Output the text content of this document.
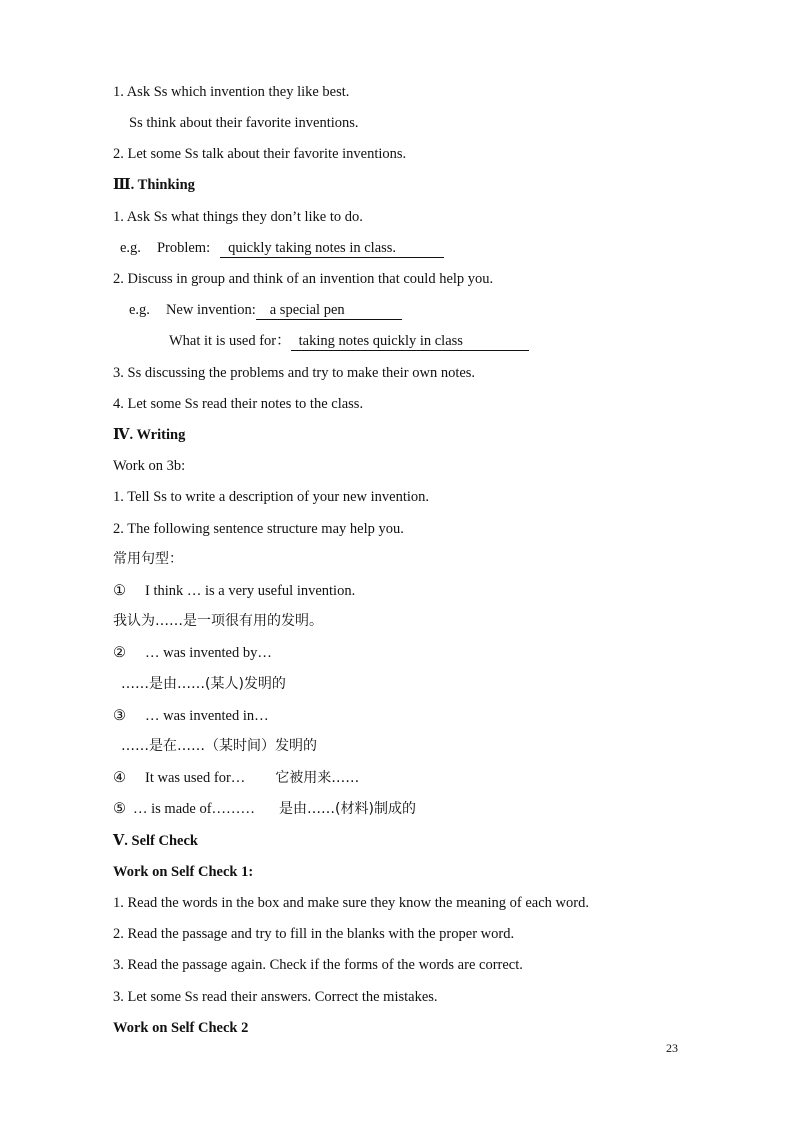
1. Ask Ss which invention they like best.
Ss think about their favorite inventions.
2. Let some Ss talk about their favorite inventions.
Ⅲ. Thinking
1. Ask Ss what things they don’t like to do.
e.g. Problem: quickly taking notes in class.
2. Discuss in group and think of an invention that could help you.
e.g. New invention: a special pen
What it is used for： taking notes quickly in class
3. Ss discussing the problems and try to make their own notes.
4. Let some Ss read their notes to the class.
Ⅳ. Writing
Work on 3b:
1. Tell Ss to write a description of your new invention.
2. The following sentence structure may help you.
常用句型：
① I think … is a very useful invention.
我认为……是一项很有用的发明。
② … was invented by…
……是由……(某人)发明的
③ … was invented in…
……是在……（某时间）发明的
④ It was used for… 它被用来……
⑤ … is made of……… 是由……(材料)制成的
Ⅴ. Self Check
Work on Self Check 1:
1. Read the words in the box and make sure they know the meaning of each word.
2. Read the passage and try to fill in the blanks with the proper word.
3. Read the passage again. Check if the forms of the words are correct.
3. Let some Ss read their answers. Correct the mistakes.
Work on Self Check 2
23
